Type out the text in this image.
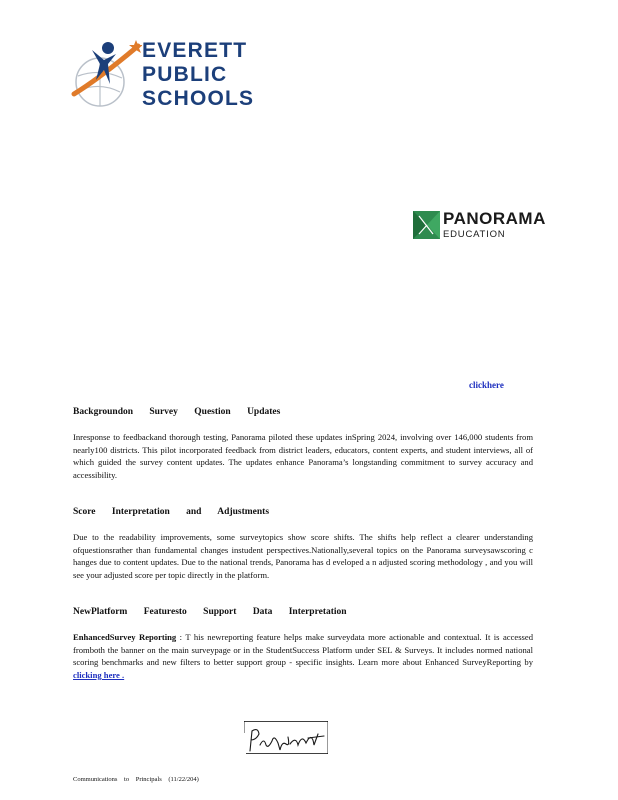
EVERETT
PUBLIC
SCHOOLS
PANORAMA
EDUCATION
clickhere
Backgroundon Survey Question Updates

Inresponse to feedbackand thorough testing, Panorama piloted these updates inSpring 2024, involving over 146,000 students from nearly100 districts. This pilot incorporated feedback from district leaders, educators, content experts, and student interviews, all of which guided the survey content updates. The updates enhance Panorama’s longstanding commitment to survey accuracy and accessibility.

Score Interpretation and Adjustments

Due to the readability improvements, some surveytopics show score shifts. The shifts help reflect a clearer understanding ofquestionsrather than fundamental changes instudent perspectives.Nationally,several topics on the Panorama surveysawscoring c hanges due to content updates. Due to the national trends, Panorama has d eveloped a n adjusted scoring methodology , and you will see your adjusted score per topic directly in the platform.

NewPlatform Featuresto Support Data Interpretation

EnhancedSurvey Reporting : T his newreporting feature helps make surveydata more actionable and contextual. It is accessed fromboth the banner on the main surveypage or in the StudentSuccess Platform under SEL & Surveys. It includes normed national scoring benchmarks and new filters to better support group - specific insights. Learn more about Enhanced SurveyReporting by clicking here .

Communications to Principals (11/22/204)
